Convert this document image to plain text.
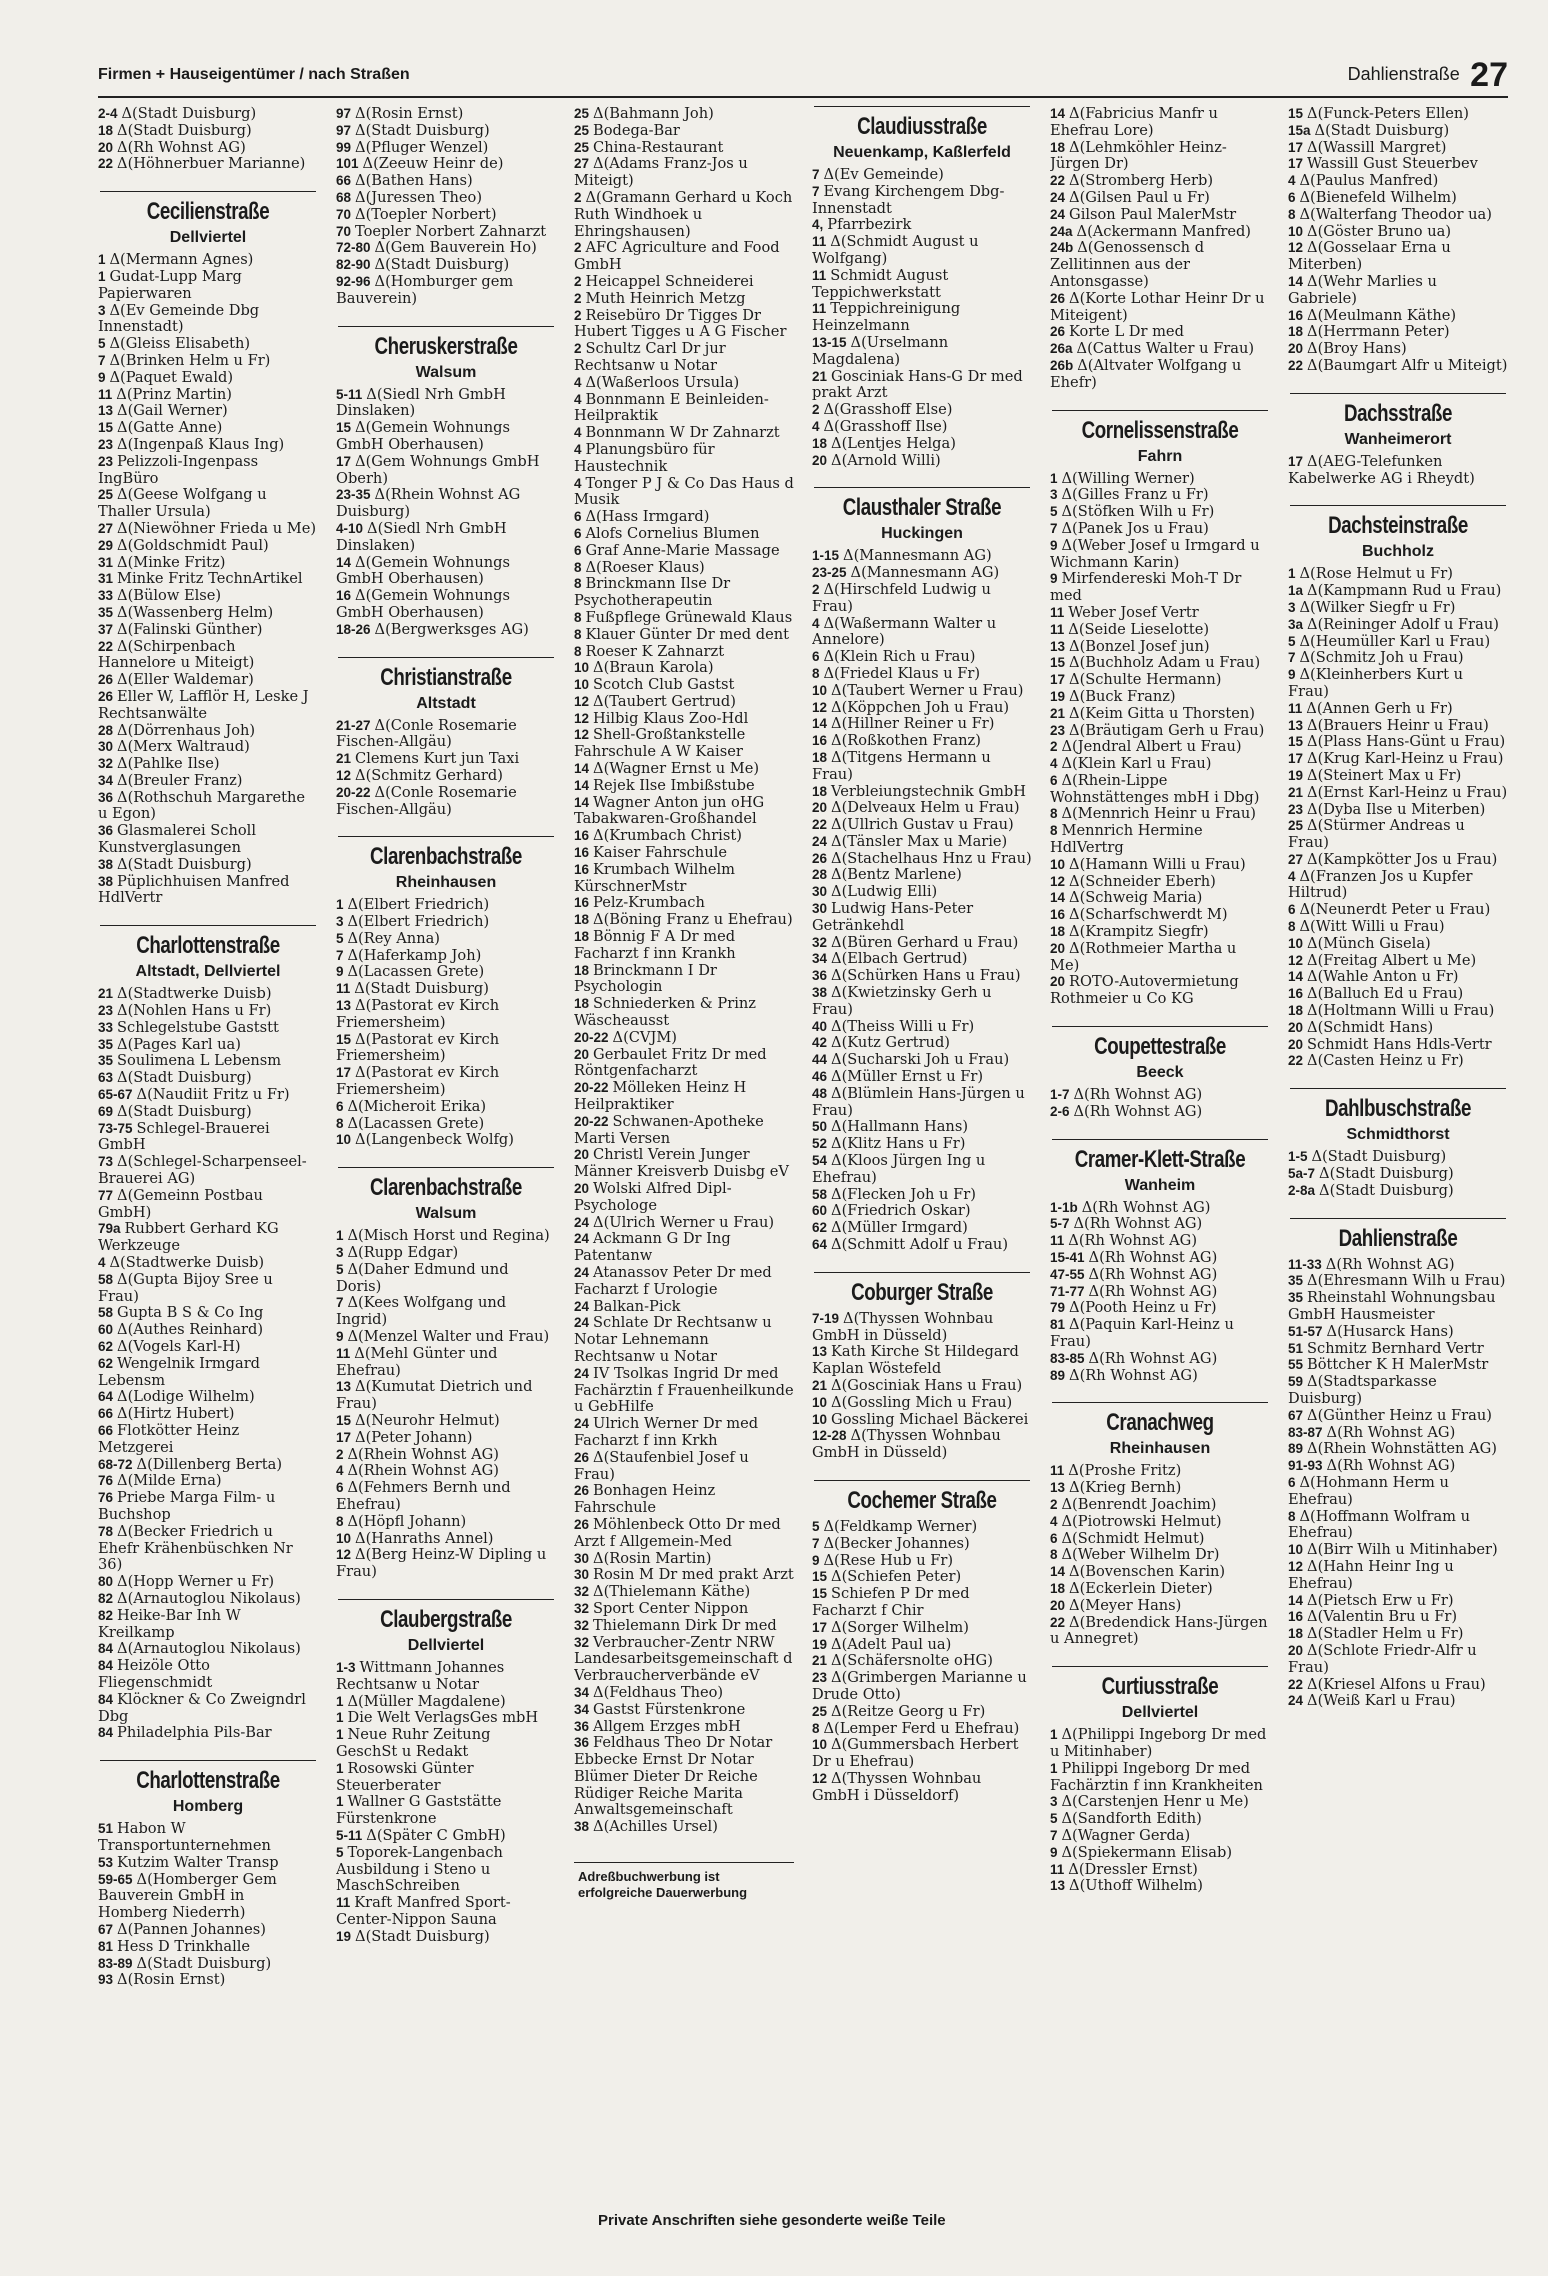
Firmen + Hauseigentümer / nach Straßen	Dahlienstraße 27

2-4 Δ(Stadt Duisburg)

18 Δ(Stadt Duisburg)

20 Δ(Rh Wohnst AG)

22 Δ(Höhnerbuer Marianne)

Cecilienstraße
Dellviertel

1 Δ(Mermann Agnes)

1 Gudat-Lupp Marg Papierwaren

3 Δ(Ev Gemeinde Dbg Innenstadt)

5 Δ(Gleiss Elisabeth)

7 Δ(Brinken Helm u Fr)

9 Δ(Paquet Ewald)

11 Δ(Prinz Martin)

13 Δ(Gail Werner)

15 Δ(Gatte Anne)

23 Δ(Ingenpaß Klaus Ing)

23 Pelizzoli-Ingenpass IngBüro

25 Δ(Geese Wolfgang u Thaller Ursula)

27 Δ(Niewöhner Frieda u Me)

29 Δ(Goldschmidt Paul)

31 Δ(Minke Fritz)

31 Minke Fritz TechnArtikel

33 Δ(Bülow Else)

35 Δ(Wassenberg Helm)

37 Δ(Falinski Günther)

22 Δ(Schirpenbach Hannelore u Miteigt)

26 Δ(Eller Waldemar)

26 Eller W, Lafflör H, Leske J Rechtsanwälte

28 Δ(Dörrenhaus Joh)

30 Δ(Merx Waltraud)

32 Δ(Pahlke Ilse)

34 Δ(Breuler Franz)

36 Δ(Rothschuh Margarethe u Egon)

36 Glasmalerei Scholl Kunstverglasungen

38 Δ(Stadt Duisburg)

38 Püplichhuisen Manfred HdlVertr

Charlottenstraße
Altstadt, Dellviertel

21 Δ(Stadtwerke Duisb)

23 Δ(Nohlen Hans u Fr)

33 Schlegelstube Gaststt

35 Δ(Pages Karl ua)

35 Soulimena L Lebensm

63 Δ(Stadt Duisburg)

65-67 Δ(Naudiit Fritz u Fr)

69 Δ(Stadt Duisburg)

73-75 Schlegel-Brauerei GmbH

73 Δ(Schlegel-Scharpenseel-Brauerei AG)

77 Δ(Gemeinn Postbau GmbH)

79a Rubbert Gerhard KG Werkzeuge

4 Δ(Stadtwerke Duisb)

58 Δ(Gupta Bijoy Sree u Frau)

58 Gupta B S & Co Ing

60 Δ(Authes Reinhard)

62 Δ(Vogels Karl-H)

62 Wengelnik Irmgard Lebensm

64 Δ(Lodige Wilhelm)

66 Δ(Hirtz Hubert)

66 Flotkötter Heinz Metzgerei

68-72 Δ(Dillenberg Berta)

76 Δ(Milde Erna)

76 Priebe Marga Film- u Buchshop

78 Δ(Becker Friedrich u Ehefr Krähenbüschken Nr 36)

80 Δ(Hopp Werner u Fr)

82 Δ(Arnautoglou Nikolaus)

82 Heike-Bar Inh W Kreilkamp

84 Δ(Arnautoglou Nikolaus)

84 Heizöle Otto Fliegenschmidt

84 Klöckner & Co Zweigndrl Dbg

84 Philadelphia Pils-Bar

Charlottenstraße
Homberg

51 Habon W Transportunternehmen

53 Kutzim Walter Transp

59-65 Δ(Homberger Gem Bauverein GmbH in Homberg Niederrh)

67 Δ(Pannen Johannes)

81 Hess D Trinkhalle

83-89 Δ(Stadt Duisburg)

93 Δ(Rosin Ernst)

97 Δ(Rosin Ernst)

97 Δ(Stadt Duisburg)

99 Δ(Pfluger Wenzel)

101 Δ(Zeeuw Heinr de)

66 Δ(Bathen Hans)

68 Δ(Juressen Theo)

70 Δ(Toepler Norbert)

70 Toepler Norbert Zahnarzt

72-80 Δ(Gem Bauverein Ho)

82-90 Δ(Stadt Duisburg)

92-96 Δ(Homburger gem Bauverein)

Cheruskerstraße
Walsum

5-11 Δ(Siedl Nrh GmbH Dinslaken)

15 Δ(Gemein Wohnungs GmbH Oberhausen)

17 Δ(Gem Wohnungs GmbH Oberh)

23-35 Δ(Rhein Wohnst AG Duisburg)

4-10 Δ(Siedl Nrh GmbH Dinslaken)

14 Δ(Gemein Wohnungs GmbH Oberhausen)

16 Δ(Gemein Wohnungs GmbH Oberhausen)

18-26 Δ(Bergwerksges AG)

Christianstraße
Altstadt

21-27 Δ(Conle Rosemarie Fischen-Allgäu)

21 Clemens Kurt jun Taxi

12 Δ(Schmitz Gerhard)

20-22 Δ(Conle Rosemarie Fischen-Allgäu)

Clarenbachstraße
Rheinhausen

1 Δ(Elbert Friedrich)

3 Δ(Elbert Friedrich)

5 Δ(Rey Anna)

7 Δ(Haferkamp Joh)

9 Δ(Lacassen Grete)

11 Δ(Stadt Duisburg)

13 Δ(Pastorat ev Kirch Friemersheim)

15 Δ(Pastorat ev Kirch Friemersheim)

17 Δ(Pastorat ev Kirch Friemersheim)

6 Δ(Micheroit Erika)

8 Δ(Lacassen Grete)

10 Δ(Langenbeck Wolfg)

Clarenbachstraße
Walsum

1 Δ(Misch Horst und Regina)

3 Δ(Rupp Edgar)

5 Δ(Daher Edmund und Doris)

7 Δ(Kees Wolfgang und Ingrid)

9 Δ(Menzel Walter und Frau)

11 Δ(Mehl Günter und Ehefrau)

13 Δ(Kumutat Dietrich und Frau)

15 Δ(Neurohr Helmut)

17 Δ(Peter Johann)

2 Δ(Rhein Wohnst AG)

4 Δ(Rhein Wohnst AG)

6 Δ(Fehmers Bernh und Ehefrau)

8 Δ(Höpfl Johann)

10 Δ(Hanraths Annel)

12 Δ(Berg Heinz-W Dipling u Frau)

Claubergstraße
Dellviertel

1-3 Wittmann Johannes Rechtsanw u Notar

1 Δ(Müller Magdalene)

1 Die Welt VerlagsGes mbH

1 Neue Ruhr Zeitung GeschSt u Redakt

1 Rosowski Günter Steuerberater

1 Wallner G Gaststätte Fürstenkrone

5-11 Δ(Später C GmbH)

5 Toporek-Langenbach Ausbildung i Steno u MaschSchreiben

11 Kraft Manfred Sport-Center-Nippon Sauna

19 Δ(Stadt Duisburg)

25 Δ(Bahmann Joh)

25 Bodega-Bar

25 China-Restaurant

27 Δ(Adams Franz-Jos u Miteigt)

2 Δ(Gramann Gerhard u Koch Ruth Windhoek u Ehringshausen)

2 AFC Agriculture and Food GmbH

2 Heicappel Schneiderei

2 Muth Heinrich Metzg

2 Reisebüro Dr Tigges Dr Hubert Tigges u A G Fischer

2 Schultz Carl Dr jur Rechtsanw u Notar

4 Δ(Waßerloos Ursula)

4 Bonnmann E Beinleiden-Heilpraktik

4 Bonnmann W Dr Zahnarzt

4 Planungsbüro für Haustechnik

4 Tonger P J & Co Das Haus d Musik

6 Δ(Hass Irmgard)

6 Alofs Cornelius Blumen

6 Graf Anne-Marie Massage

8 Δ(Roeser Klaus)

8 Brinckmann Ilse Dr Psychotherapeutin

8 Fußpflege Grünewald Klaus

8 Klauer Günter Dr med dent

8 Roeser K Zahnarzt

10 Δ(Braun Karola)

10 Scotch Club Gastst

12 Δ(Taubert Gertrud)

12 Hilbig Klaus Zoo-Hdl

12 Shell-Großtankstelle Fahrschule A W Kaiser

14 Δ(Wagner Ernst u Me)

14 Rejek Ilse Imbißstube

14 Wagner Anton jun oHG Tabakwaren-Großhandel

16 Δ(Krumbach Christ)

16 Kaiser Fahrschule

16 Krumbach Wilhelm KürschnerMstr

16 Pelz-Krumbach

18 Δ(Böning Franz u Ehefrau)

18 Bönnig F A Dr med Facharzt f inn Krankh

18 Brinckmann I Dr Psychologin

18 Schniederken & Prinz Wäscheausst

20-22 Δ(CVJM)

20 Gerbaulet Fritz Dr med Röntgenfacharzt

20-22 Mölleken Heinz H Heilpraktiker

20-22 Schwanen-Apotheke Marti Versen

20 Christl Verein Junger Männer Kreisverb Duisbg eV

20 Wolski Alfred Dipl-Psychologe

24 Δ(Ulrich Werner u Frau)

24 Ackmann G Dr Ing Patentanw

24 Atanassov Peter Dr med Facharzt f Urologie

24 Balkan-Pick

24 Schlate Dr Rechtsanw u Notar Lehnemann Rechtsanw u Notar

24 IV Tsolkas Ingrid Dr med Fachärztin f Frauenheilkunde u GebHilfe

24 Ulrich Werner Dr med Facharzt f inn Krkh

26 Δ(Staufenbiel Josef u Frau)

26 Bonhagen Heinz Fahrschule

26 Möhlenbeck Otto Dr med Arzt f Allgemein-Med

30 Δ(Rosin Martin)

30 Rosin M Dr med prakt Arzt

32 Δ(Thielemann Käthe)

32 Sport Center Nippon

32 Thielemann Dirk Dr med

32 Verbraucher-Zentr NRW Landesarbeitsgemeinschaft d Verbraucherverbände eV

34 Δ(Feldhaus Theo)

34 Gastst Fürstenkrone

36 Allgem Erzges mbH

36 Feldhaus Theo Dr Notar Ebbecke Ernst Dr Notar Blümer Dieter Dr Reiche Rüdiger Reiche Marita Anwaltsgemeinschaft

38 Δ(Achilles Ursel)

Adreßbuchwerbung ist erfolgreiche Dauerwerbung
Claudiusstraße
Neuenkamp, Kaßlerfeld

7 Δ(Ev Gemeinde)

7 Evang Kirchengem Dbg-Innenstadt

4, Pfarrbezirk

11 Δ(Schmidt August u Wolfgang)

11 Schmidt August Teppichwerkstatt

11 Teppichreinigung Heinzelmann

13-15 Δ(Urselmann Magdalena)

21 Gosciniak Hans-G Dr med prakt Arzt

2 Δ(Grasshoff Else)

4 Δ(Grasshoff Ilse)

18 Δ(Lentjes Helga)

20 Δ(Arnold Willi)

Clausthaler Straße
Huckingen

1-15 Δ(Mannesmann AG)

23-25 Δ(Mannesmann AG)

2 Δ(Hirschfeld Ludwig u Frau)

4 Δ(Waßermann Walter u Annelore)

6 Δ(Klein Rich u Frau)

8 Δ(Friedel Klaus u Fr)

10 Δ(Taubert Werner u Frau)

12 Δ(Köppchen Joh u Frau)

14 Δ(Hillner Reiner u Fr)

16 Δ(Roßkothen Franz)

18 Δ(Titgens Hermann u Frau)

18 Verbleiungstechnik GmbH

20 Δ(Delveaux Helm u Frau)

22 Δ(Ullrich Gustav u Frau)

24 Δ(Tänsler Max u Marie)

26 Δ(Stachelhaus Hnz u Frau)

28 Δ(Bentz Marlene)

30 Δ(Ludwig Elli)

30 Ludwig Hans-Peter Getränkehdl

32 Δ(Büren Gerhard u Frau)

34 Δ(Elbach Gertrud)

36 Δ(Schürken Hans u Frau)

38 Δ(Kwietzinsky Gerh u Frau)

40 Δ(Theiss Willi u Fr)

42 Δ(Kutz Gertrud)

44 Δ(Sucharski Joh u Frau)

46 Δ(Müller Ernst u Fr)

48 Δ(Blümlein Hans-Jürgen u Frau)

50 Δ(Hallmann Hans)

52 Δ(Klitz Hans u Fr)

54 Δ(Kloos Jürgen Ing u Ehefrau)

58 Δ(Flecken Joh u Fr)

60 Δ(Friedrich Oskar)

62 Δ(Müller Irmgard)

64 Δ(Schmitt Adolf u Frau)

Coburger Straße

7-19 Δ(Thyssen Wohnbau GmbH in Düsseld)

13 Kath Kirche St Hildegard Kaplan Wöstefeld

21 Δ(Gosciniak Hans u Frau)

10 Δ(Gossling Mich u Frau)

10 Gossling Michael Bäckerei

12-28 Δ(Thyssen Wohnbau GmbH in Düsseld)

Cochemer Straße

5 Δ(Feldkamp Werner)

7 Δ(Becker Johannes)

9 Δ(Rese Hub u Fr)

15 Δ(Schiefen Peter)

15 Schiefen P Dr med Facharzt f Chir

17 Δ(Sorger Wilhelm)

19 Δ(Adelt Paul ua)

21 Δ(Schäfersnolte oHG)

23 Δ(Grimbergen Marianne u Drude Otto)

25 Δ(Reitze Georg u Fr)

8 Δ(Lemper Ferd u Ehefrau)

10 Δ(Gummersbach Herbert Dr u Ehefrau)

12 Δ(Thyssen Wohnbau GmbH i Düsseldorf)

14 Δ(Fabricius Manfr u Ehefrau Lore)

18 Δ(Lehmköhler Heinz-Jürgen Dr)

22 Δ(Stromberg Herb)

24 Δ(Gilsen Paul u Fr)

24 Gilson Paul MalerMstr

24a Δ(Ackermann Manfred)

24b Δ(Genossensch d Zellitinnen aus der Antonsgasse)

26 Δ(Korte Lothar Heinr Dr u Miteigent)

26 Korte L Dr med

26a Δ(Cattus Walter u Frau)

26b Δ(Altvater Wolfgang u Ehefr)

Cornelissenstraße
Fahrn

1 Δ(Willing Werner)

3 Δ(Gilles Franz u Fr)

5 Δ(Stöfken Wilh u Fr)

7 Δ(Panek Jos u Frau)

9 Δ(Weber Josef u Irmgard u Wichmann Karin)

9 Mirfendereski Moh-T Dr med

11 Weber Josef Vertr

11 Δ(Seide Lieselotte)

13 Δ(Bonzel Josef jun)

15 Δ(Buchholz Adam u Frau)

17 Δ(Schulte Hermann)

19 Δ(Buck Franz)

21 Δ(Keim Gitta u Thorsten)

23 Δ(Bräutigam Gerh u Frau)

2 Δ(Jendral Albert u Frau)

4 Δ(Klein Karl u Frau)

6 Δ(Rhein-Lippe Wohnstättenges mbH i Dbg)

8 Δ(Mennrich Heinr u Frau)

8 Mennrich Hermine HdlVertrg

10 Δ(Hamann Willi u Frau)

12 Δ(Schneider Eberh)

14 Δ(Schweig Maria)

16 Δ(Scharfschwerdt M)

18 Δ(Krampitz Siegfr)

20 Δ(Rothmeier Martha u Me)

20 ROTO-Autovermietung Rothmeier u Co KG

Coupettestraße
Beeck

1-7 Δ(Rh Wohnst AG)

2-6 Δ(Rh Wohnst AG)

Cramer-Klett-Straße
Wanheim

1-1b Δ(Rh Wohnst AG)

5-7 Δ(Rh Wohnst AG)

11 Δ(Rh Wohnst AG)

15-41 Δ(Rh Wohnst AG)

47-55 Δ(Rh Wohnst AG)

71-77 Δ(Rh Wohnst AG)

79 Δ(Pooth Heinz u Fr)

81 Δ(Paquin Karl-Heinz u Frau)

83-85 Δ(Rh Wohnst AG)

89 Δ(Rh Wohnst AG)

Cranachweg
Rheinhausen

11 Δ(Proshe Fritz)

13 Δ(Krieg Bernh)

2 Δ(Benrendt Joachim)

4 Δ(Piotrowski Helmut)

6 Δ(Schmidt Helmut)

8 Δ(Weber Wilhelm Dr)

14 Δ(Bovenschen Karin)

18 Δ(Eckerlein Dieter)

20 Δ(Meyer Hans)

22 Δ(Bredendick Hans-Jürgen u Annegret)

Curtiusstraße
Dellviertel

1 Δ(Philippi Ingeborg Dr med u Mitinhaber)

1 Philippi Ingeborg Dr med Fachärztin f inn Krankheiten

3 Δ(Carstenjen Henr u Me)

5 Δ(Sandforth Edith)

7 Δ(Wagner Gerda)

9 Δ(Spiekermann Elisab)

11 Δ(Dressler Ernst)

13 Δ(Uthoff Wilhelm)

15 Δ(Funck-Peters Ellen)

15a Δ(Stadt Duisburg)

17 Δ(Wassill Margret)

17 Wassill Gust Steuerbev

4 Δ(Paulus Manfred)

6 Δ(Bienefeld Wilhelm)

8 Δ(Walterfang Theodor ua)

10 Δ(Göster Bruno ua)

12 Δ(Gosselaar Erna u Miterben)

14 Δ(Wehr Marlies u Gabriele)

16 Δ(Meulmann Käthe)

18 Δ(Herrmann Peter)

20 Δ(Broy Hans)

22 Δ(Baumgart Alfr u Miteigt)

Dachsstraße
Wanheimerort

17 Δ(AEG-Telefunken Kabelwerke AG i Rheydt)

Dachsteinstraße
Buchholz

1 Δ(Rose Helmut u Fr)

1a Δ(Kampmann Rud u Frau)

3 Δ(Wilker Siegfr u Fr)

3a Δ(Reininger Adolf u Frau)

5 Δ(Heumüller Karl u Frau)

7 Δ(Schmitz Joh u Frau)

9 Δ(Kleinherbers Kurt u Frau)

11 Δ(Annen Gerh u Fr)

13 Δ(Brauers Heinr u Frau)

15 Δ(Plass Hans-Günt u Frau)

17 Δ(Krug Karl-Heinz u Frau)

19 Δ(Steinert Max u Fr)

21 Δ(Ernst Karl-Heinz u Frau)

23 Δ(Dyba Ilse u Miterben)

25 Δ(Stürmer Andreas u Frau)

27 Δ(Kampkötter Jos u Frau)

4 Δ(Franzen Jos u Kupfer Hiltrud)

6 Δ(Neunerdt Peter u Frau)

8 Δ(Witt Willi u Frau)

10 Δ(Münch Gisela)

12 Δ(Freitag Albert u Me)

14 Δ(Wahle Anton u Fr)

16 Δ(Balluch Ed u Frau)

18 Δ(Holtmann Willi u Frau)

20 Δ(Schmidt Hans)

20 Schmidt Hans Hdls-Vertr

22 Δ(Casten Heinz u Fr)

Dahlbuschstraße
Schmidthorst

1-5 Δ(Stadt Duisburg)

5a-7 Δ(Stadt Duisburg)

2-8a Δ(Stadt Duisburg)

Dahlienstraße

11-33 Δ(Rh Wohnst AG)

35 Δ(Ehresmann Wilh u Frau)

35 Rheinstahl Wohnungsbau GmbH Hausmeister

51-57 Δ(Husarck Hans)

51 Schmitz Bernhard Vertr

55 Böttcher K H MalerMstr

59 Δ(Stadtsparkasse Duisburg)

67 Δ(Günther Heinz u Frau)

83-87 Δ(Rh Wohnst AG)

89 Δ(Rhein Wohnstätten AG)

91-93 Δ(Rh Wohnst AG)

6 Δ(Hohmann Herm u Ehefrau)

8 Δ(Hoffmann Wolfram u Ehefrau)

10 Δ(Birr Wilh u Mitinhaber)

12 Δ(Hahn Heinr Ing u Ehefrau)

14 Δ(Pietsch Erw u Fr)

16 Δ(Valentin Bru u Fr)

18 Δ(Stadler Helm u Fr)

20 Δ(Schlote Friedr-Alfr u Frau)

22 Δ(Kriesel Alfons u Frau)

24 Δ(Weiß Karl u Frau)

Private Anschriften siehe gesonderte weiße Teile
